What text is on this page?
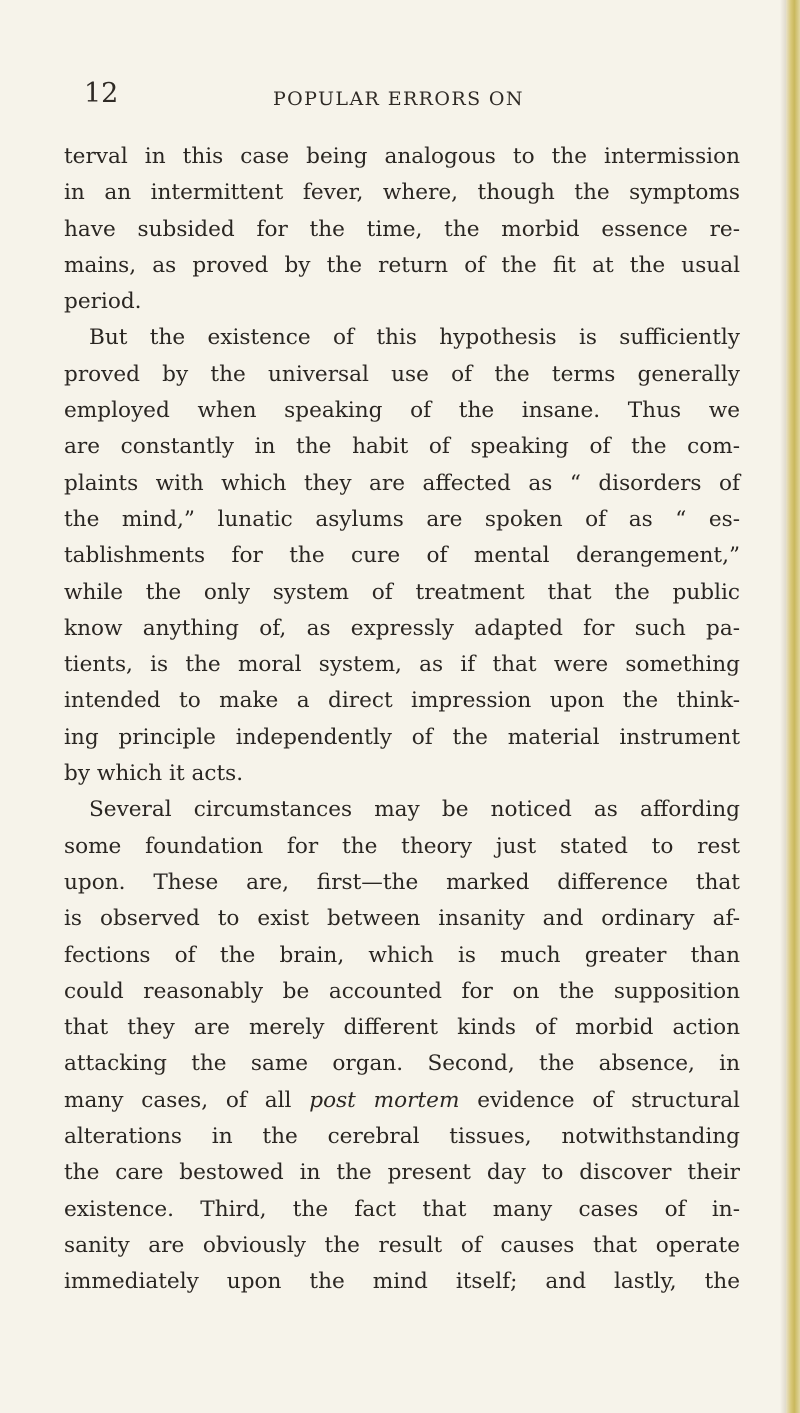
12	POPULAR ERRORS ON
terval in this case being analogous to the intermission
in an intermittent fever, where, though the symptoms
have subsided for the time, the morbid essence re-
mains, as proved by the return of the fit at the usual
period.
But the existence of this hypothesis is sufficiently
proved by the universal use of the terms generally
employed when speaking of the insane. Thus we
are constantly in the habit of speaking of the com-
plaints with which they are affected as “ disorders of
the mind,” lunatic asylums are spoken of as “ es-
tablishments for the cure of mental derangement,”
while the only system of treatment that the public
know anything of, as expressly adapted for such pa-
tients, is the moral system, as if that were something
intended to make a direct impression upon the think-
ing principle independently of the material instrument
by which it acts.
Several circumstances may be noticed as affording
some foundation for the theory just stated to rest
upon. These are, first—the marked difference that
is observed to exist between insanity and ordinary af-
fections of the brain, which is much greater than
could reasonably be accounted for on the supposition
that they are merely different kinds of morbid action
attacking the same organ. Second, the absence, in
many cases, of all post mortem evidence of structural
alterations in the cerebral tissues, notwithstanding
the care bestowed in the present day to discover their
existence. Third, the fact that many cases of in-
sanity are obviously the result of causes that operate
immediately upon the mind itself; and lastly, the
